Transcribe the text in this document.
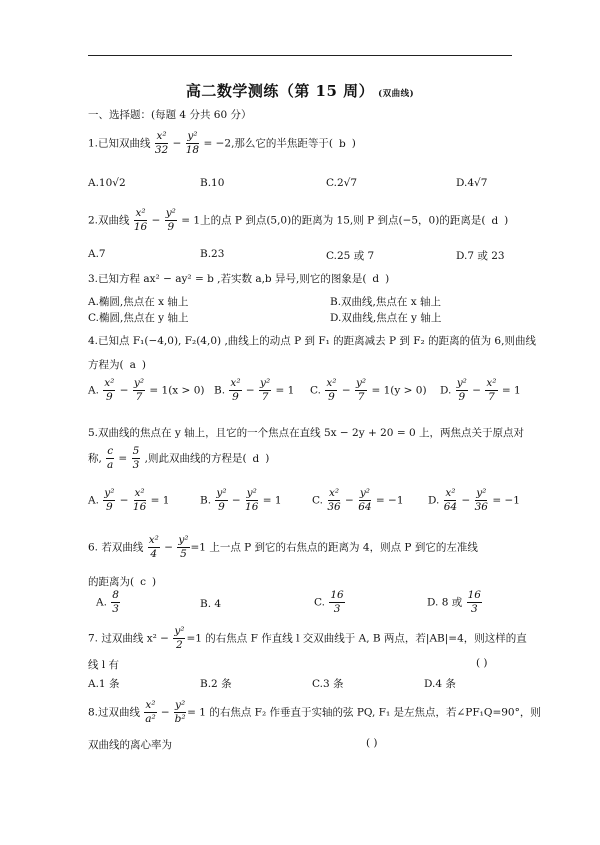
高二数学测练（第 15 周） (双曲线)
一、选择题：(每题 4 分共 60 分）
1.已知双曲线 $\frac{\text{x²}}{32} - \frac{\text{y²}}{18} = -2$,那么它的半焦距等于( b )
A.10√2	B.10	C.2√7	D.4√7
2.双曲线 $\frac{\text{x²}}{16} - \frac{\text{y²}}{9} = 1$上的点 P 到点(5,0)的距离为 15,则 P 到点(−5，0)的距离是( d )
A.7	B.23	C.25 或 7	D.7 或 23
3.已知方程 ax² − ay² = b ,若实数 a,b 异号,则它的图象是( d )
A.椭圆,焦点在 x 轴上	B.双曲线,焦点在 x 轴上
C.椭圆,焦点在 y 轴上	D.双曲线,焦点在 y 轴上
4.已知点 F₁(−4,0), F₂(4,0) ,曲线上的动点 P 到 F₁ 的距离减去 P 到 F₂ 的距离的值为 6,则曲线
方程为( a )
A. $\frac{\text{x²}}{9} - \frac{\text{y²}}{7} = 1(x > 0)$ B. $\frac{\text{x²}}{9} - \frac{\text{y²}}{7} = 1$ C. $\frac{\text{x²}}{9} - \frac{\text{y²}}{7} = 1(y > 0)$ D. $\frac{\text{y²}}{9} - \frac{\text{x²}}{7} = 1$
5.双曲线的焦点在 y 轴上，且它的一个焦点在直线 5x − 2y + 20 = 0 上，两焦点关于原点对
称, $\frac{c}{a} = \frac{5}{3}$ ,则此双曲线的方程是( d )
A. $\frac{\text{y²}}{9} - \frac{\text{x²}}{16} = 1$	B. $\frac{\text{y²}}{9} - \frac{\text{y²}}{16} = 1$	C. $\frac{\text{x²}}{36} - \frac{\text{y²}}{64} = -1$ D. $\frac{\text{x²}}{64} - \frac{\text{y²}}{36} = -1$
6. 若双曲线 $\frac{\text{x²}}{4} - \frac{\text{y²}}{5} =1$ 上一点 P 到它的右焦点的距离为 4，则点 P 到它的左准线
的距离为( c )
A. $\frac{8}{3}$	B. 4	C. $\frac{16}{3}$	D. 8 或 $\frac{16}{3}$
7. 过双曲线 $x^2 - \frac{\text{y²}}{2} =1$ 的右焦点 F 作直线 l 交双曲线于 A, B 两点，若|AB|=4，则这样的直
线 l 有	( )
A.1 条	B.2 条	C.3 条	D.4 条
8.过双曲线 $\frac{\text{x²}}{\text{a²}} - \frac{\text{y²}}{\text{b²}} = 1$ 的右焦点 F₂ 作垂直于实轴的弦 PQ, F₁ 是左焦点，若∠PF₁Q=90°，则
双曲线的离心率为	( )
